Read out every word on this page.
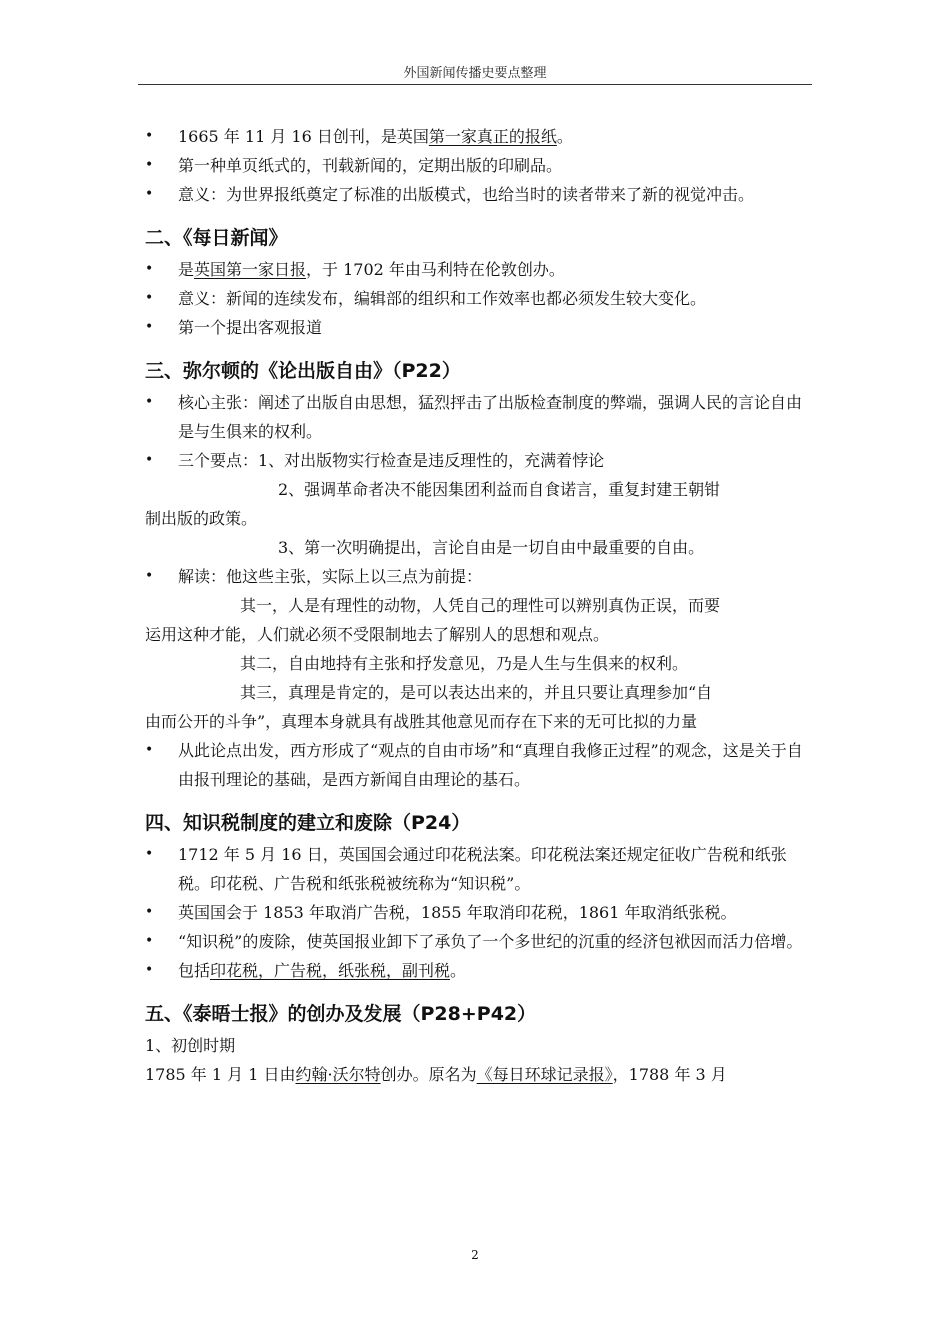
外国新闻传播史要点整理
• 1665 年 11 月 16 日创刊，是英国第一家真正的报纸。
• 第一种单页纸式的，刊载新闻的，定期出版的印刷品。
• 意义：为世界报纸奠定了标准的出版模式，也给当时的读者带来了新的视觉冲击。
二、《每日新闻》
• 是英国第一家日报，于 1702 年由马利特在伦敦创办。
• 意义：新闻的连续发布，编辑部的组织和工作效率也都必须发生较大变化。
• 第一个提出客观报道
三、弥尔顿的《论出版自由》（P22）
• 核心主张：阐述了出版自由思想，猛烈抨击了出版检查制度的弊端，强调人民的言论自由是与生俱来的权利。
• 三个要点：1、对出版物实行检查是违反理性的，充满着悖论
2、强调革命者决不能因集团利益而自食诺言，重复封建王朝钳
制出版的政策。
3、第一次明确提出，言论自由是一切自由中最重要的自由。
• 解读：他这些主张，实际上以三点为前提：
其一，人是有理性的动物，人凭自己的理性可以辨别真伪正误，而要
运用这种才能，人们就必须不受限制地去了解别人的思想和观点。
其二，自由地持有主张和抒发意见，乃是人生与生俱来的权利。
其三，真理是肯定的，是可以表达出来的，并且只要让真理参加“自
由而公开的斗争”，真理本身就具有战胜其他意见而存在下来的无可比拟的力量
• 从此论点出发，西方形成了“观点的自由市场”和“真理自我修正过程”的观念，这是关于自由报刊理论的基础，是西方新闻自由理论的基石。
四、知识税制度的建立和废除（P24）
• 1712 年 5 月 16 日，英国国会通过印花税法案。印花税法案还规定征收广告税和纸张税。印花税、广告税和纸张税被统称为“知识税”。
• 英国国会于 1853 年取消广告税，1855 年取消印花税，1861 年取消纸张税。
• “知识税”的废除，使英国报业卸下了承负了一个多世纪的沉重的经济包袱因而活力倍增。
• 包括印花税，广告税，纸张税，副刊税。
五、《泰晤士报》的创办及发展（P28+P42）
1、初创时期
1785 年 1 月 1 日由约翰·沃尔特创办。原名为《每日环球记录报》，1788 年 3 月
2
